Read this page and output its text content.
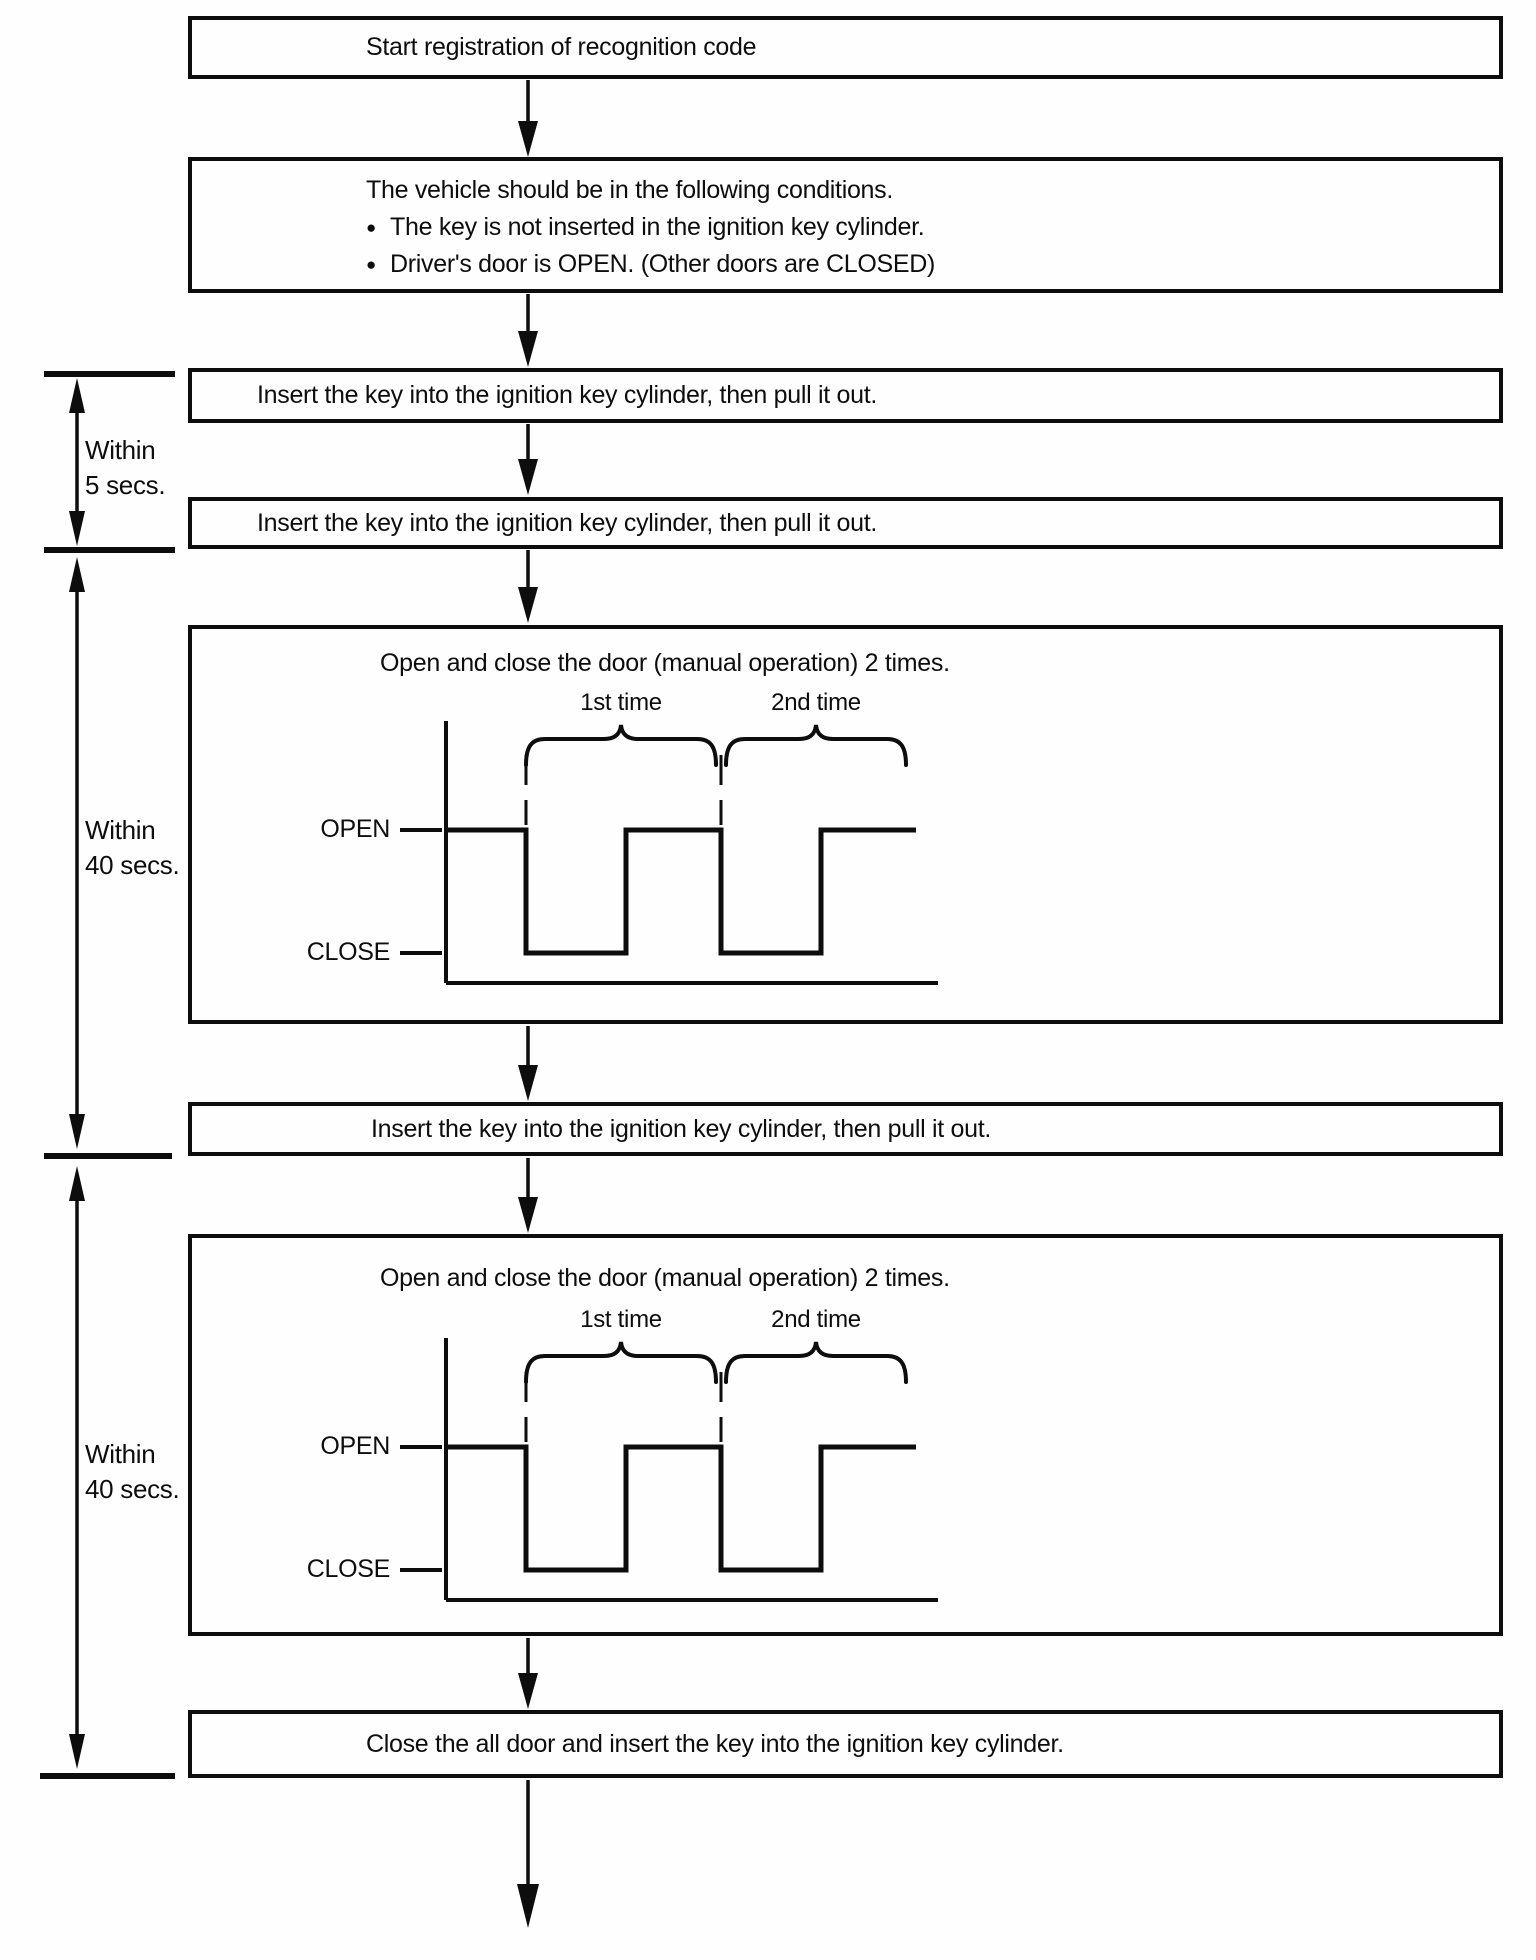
Start registration of recognition code
The vehicle should be in the following conditions.
● The key is not inserted in the ignition key cylinder.
● Driver's door is OPEN. (Other doors are CLOSED)
Insert the key into the ignition key cylinder, then pull it out.
Insert the key into the ignition key cylinder, then pull it out.
Open and close the door (manual operation) 2 times.
1st time	2nd time
OPEN
CLOSE
Insert the key into the ignition key cylinder, then pull it out.
Open and close the door (manual operation) 2 times.
1st time	2nd time
OPEN
CLOSE
Close the all door and insert the key into the ignition key cylinder.
Within
5 secs.
Within
40 secs.
Within
40 secs.
